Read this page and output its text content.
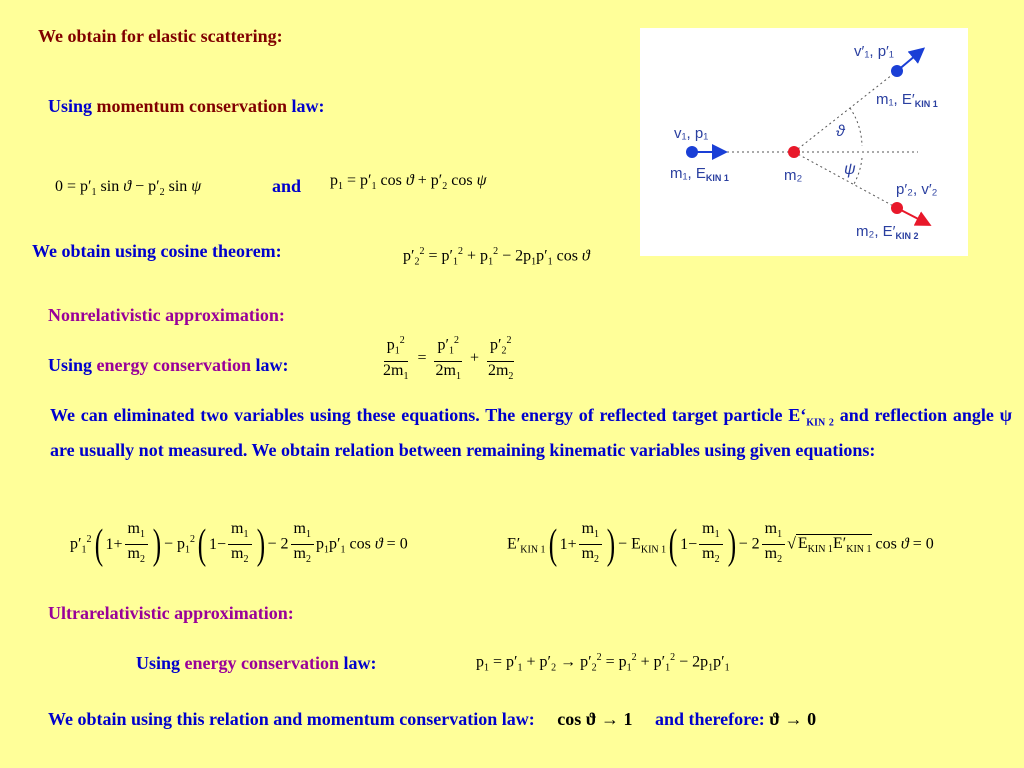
We obtain for elastic scattering:
Using momentum conservation law:
$0 = p'_1$ $\sin ϑ - p'_2$ sin ψ	and $p_1 = p'_1$ $\cos ϑ + p'_2$ cos ψ
We obtain using cosine theorem:	$p'_2^2 = p'_1^2 + p_1^2 - 2p_1p'_1$ cos ϑ
Nonrelativistic approximation:
Using energy conservation law:	$\frac{p_1^2}{2m_1} = \frac{p'_1^2}{2m_1} + \frac{p'_2^2}{2m_2}$
We can eliminated two variables using these equations. The energy of reflected target particle $E‘_{KIN 2}$ and reflection angle ψ are usually not measured. We obtain relation between remaining kinematic variables using given equations:
$p'_1^2$ ( $1+ \frac{m_1}{m_2}$ ) − $p_1^2$ ( $1- \frac{m_1}{m_2}$ ) − $2 \frac{m_1}{m_2} p_1p'_1$ cos ϑ = 0	$E'_{KIN 1}$ ( $1+ \frac{m_1}{m_2}$ ) − $E_{KIN 1}$ ( $1- \frac{m_1}{m_2}$ ) − $2 \frac{m_1}{m_2}$ √ $E_{KIN 1}E'_{KIN 1}$ cos ϑ = 0
Ultrarelativistic approximation:
Using energy conservation law:	$p_1 = p'_1 + p'_2 \to p'_2^2 = p_1^2 + p'_1^2 - 2p_1p'_1$
We obtain using this relation and momentum conservation law: cos ϑ → 1 and therefore: ϑ → 0
v₁, p₁
m₁, $E_{KIN 1}$	m₂
v′₁, p′₁
m₁, $E'_{KIN 1}$
p′₂, v′₂
m₂, $E'_{KIN 2}$
ϑ
ψ
